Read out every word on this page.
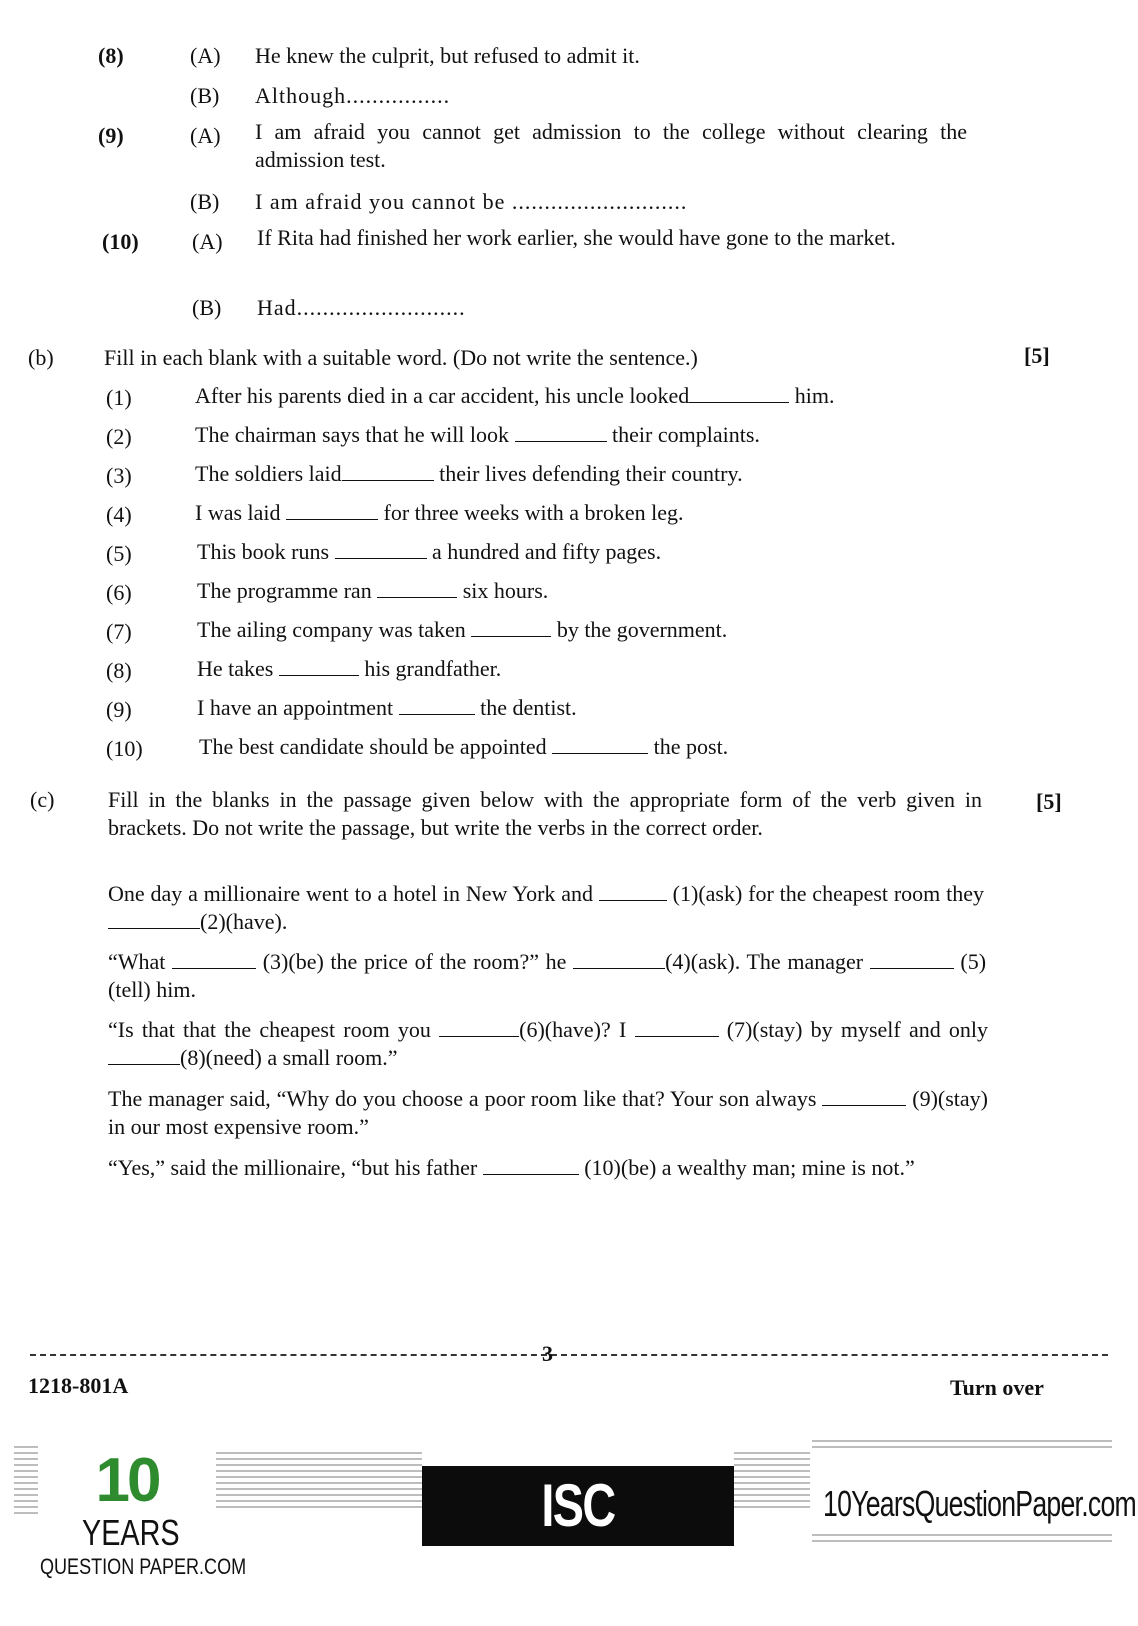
(8)	(A) He knew the culprit, but refused to admit it.
(B) Although................
(9)	(A) I am afraid you cannot get admission to the college without clearing the admission test.
(B) I am afraid you cannot be ...........................
(10) (A) If Rita had finished her work earlier, she would have gone to the market.
(B) Had..........................
(b) Fill in each blank with a suitable word. (Do not write the sentence.)	[5]
(1)	After his parents died in a car accident, his uncle looked	him.
(2)	The chairman says that he will look	their complaints.
(3)	The soldiers laid	their lives defending their country.
(4)	I was laid	for three weeks with a broken leg.
(5)	This book runs	a hundred and fifty pages.
(6)	The programme ran	six hours.
(7)	The ailing company was taken	by the government.
(8)	He takes	his grandfather.
(9)	I have an appointment	the dentist.
(10)	The best candidate should be appointed	the post.
(c) Fill in the blanks in the passage given below with the appropriate form of the verb given in brackets. Do not write the passage, but write the verbs in the correct order.
[5]
One day a millionaire went to a hotel in New York and	(1)(ask) for the cheapest room they (2)(have).
“What	(3)(be) the price of the room?” he	(4)(ask). The manager	(5)(tell) him.
“Is that that the cheapest room you	(6)(have)? I	(7)(stay) by myself and only (8)(need) a small room.”
The manager said, “Why do you choose a poor room like that? Your son always	(9)(stay) in our most expensive room.”
“Yes,” said the millionaire, “but his father	(10)(be) a wealthy man; mine is not.”
3
1218-801A	Turn over
10
YEARS
QUESTION PAPER.COM
ISC BOARD XII
10YearsQuestionPaper.com
